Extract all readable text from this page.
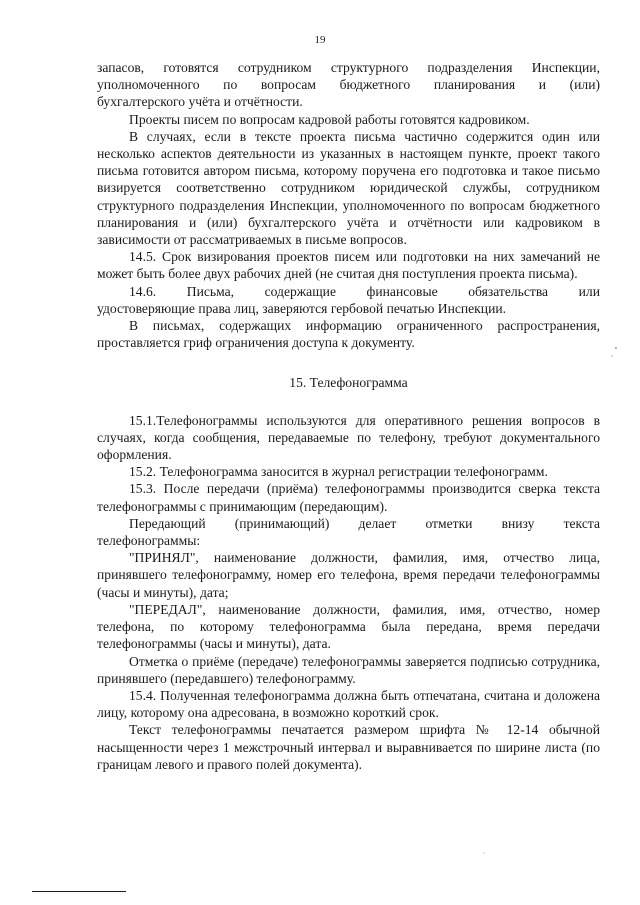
19

запасов, готовятся сотрудником структурного подразделения Инспекции, уполномоченного по вопросам бюджетного планирования и (или)

бухгалтерского учёта и отчётности.

Проекты писем по вопросам кадровой работы готовятся кадровиком.

В случаях, если в тексте проекта письма частично содержится один или несколько аспектов деятельности из указанных в настоящем пункте, проект такого письма готовится автором письма, которому поручена его подготовка и такое письмо визируется соответственно сотрудником юридической службы, сотрудником структурного подразделения Инспекции, уполномоченного по вопросам бюджетного планирования и (или) бухгалтерского учёта и отчётности или кадровиком в зависимости от рассматриваемых в письме вопросов.

14.5. Срок визирования проектов писем или подготовки на них замечаний не может быть более двух рабочих дней (не считая дня поступления проекта письма).

14.6. Письма, содержащие финансовые обязательства или

удостоверяющие права лиц, заверяются гербовой печатью Инспекции.

В письмах, содержащих информацию ограниченного распространения, проставляется гриф ограничения доступа к документу.

15. Телефонограмма

15.1.Телефонограммы используются для оперативного решения вопросов в случаях, когда сообщения, передаваемые по телефону, требуют документального оформления.

15.2. Телефонограмма заносится в журнал регистрации телефонограмм.

15.3. После передачи (приёма) телефонограммы производится сверка текста телефонограммы с принимающим (передающим).

Передающий (принимающий) делает отметки внизу текста

телефонограммы:

"ПРИНЯЛ", наименование должности, фамилия, имя, отчество лица, принявшего телефонограмму, номер его телефона, время передачи телефонограммы (часы и минуты), дата;

"ПЕРЕДАЛ", наименование должности, фамилия, имя, отчество, номер телефона, по которому телефонограмма была передана, время передачи телефонограммы (часы и минуты), дата.

Отметка о приёме (передаче) телефонограммы заверяется подписью сотрудника, принявшего (передавшего) телефонограмму.

15.4. Полученная телефонограмма должна быть отпечатана, считана и доложена лицу, которому она адресована, в возможно короткий срок.

Текст телефонограммы печатается размером шрифта № 12-14 обычной насыщенности через 1 межстрочный интервал и выравнивается по ширине листа (по границам левого и правого полей документа).
